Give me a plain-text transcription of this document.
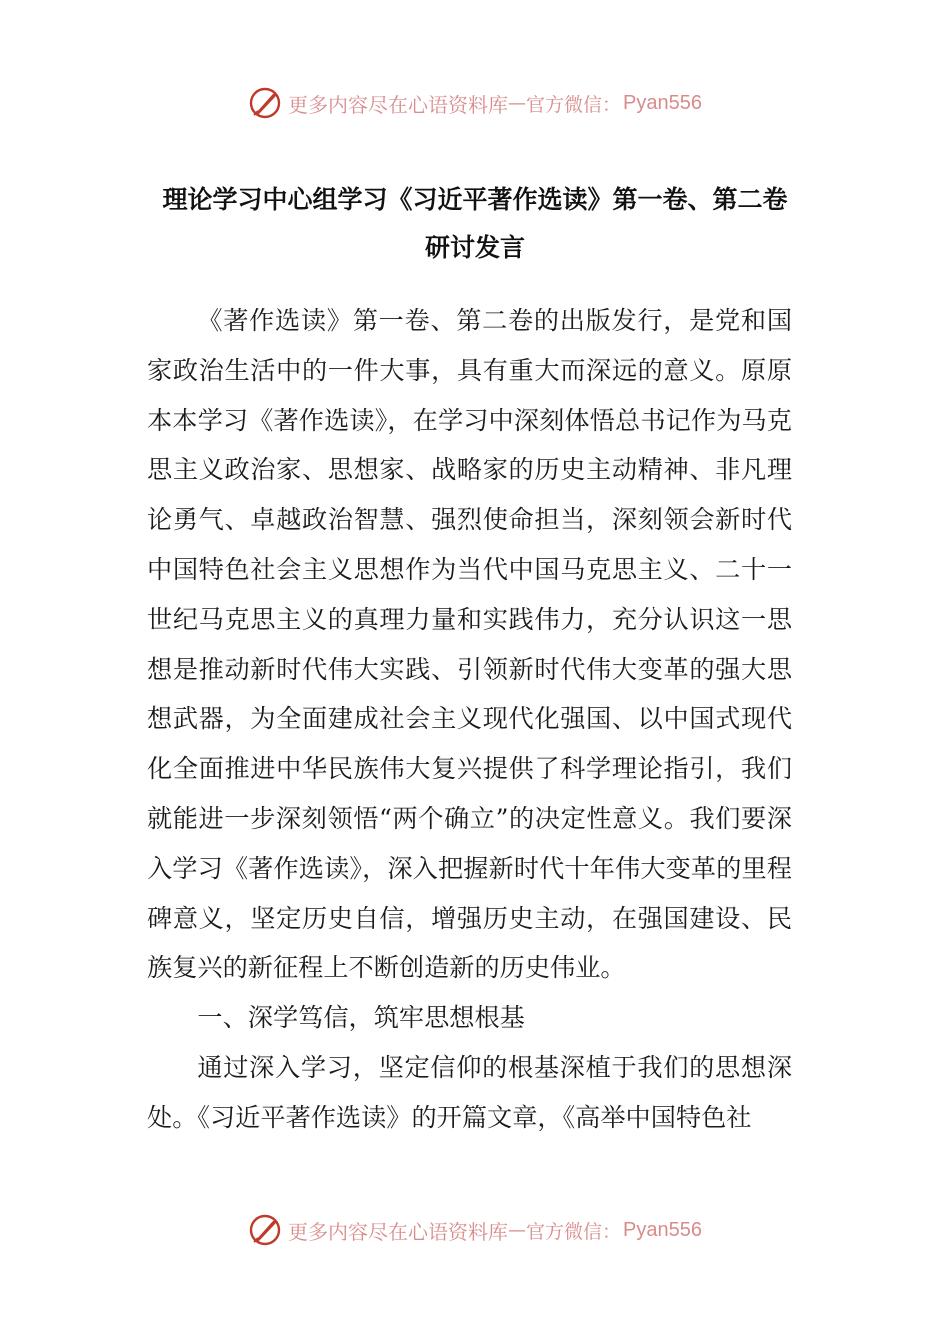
更多内容尽在心语资料库 — 官方微信： Pyan556
理论学习中心组学习《习近平著作选读》第一卷、第二卷
研讨发言

《著作选读》第一卷、第二卷的出版发行，是党和国家政治生活中的一件大事，具有重大而深远的意义。原原本本学习《著作选读》，在学习中深刻体悟总书记作为马克思主义政治家、思想家、战略家的历史主动精神、非凡理论勇气、卓越政治智慧、强烈使命担当，深刻领会新时代中国特色社会主义思想作为当代中国马克思主义、二十一世纪马克思主义的真理力量和实践伟力，充分认识这一思想是推动新时代伟大实践、引领新时代伟大变革的强大思想武器，为全面建成社会主义现代化强国、以中国式现代化全面推进中华民族伟大复兴提供了科学理论指引，我们就能进一步深刻领悟“两个确立”的决定性意义。我们要深入学习《著作选读》，深入把握新时代十年伟大变革的里程碑意义，坚定历史自信，增强历史主动，在强国建设、民族复兴的新征程上不断创造新的历史伟业。

一、深学笃信，筑牢思想根基

通过深入学习，坚定信仰的根基深植于我们的思想深处。《习近平著作选读》的开篇文章，《高举中国特色社

更多内容尽在心语资料库 — 官方微信： Pyan556
